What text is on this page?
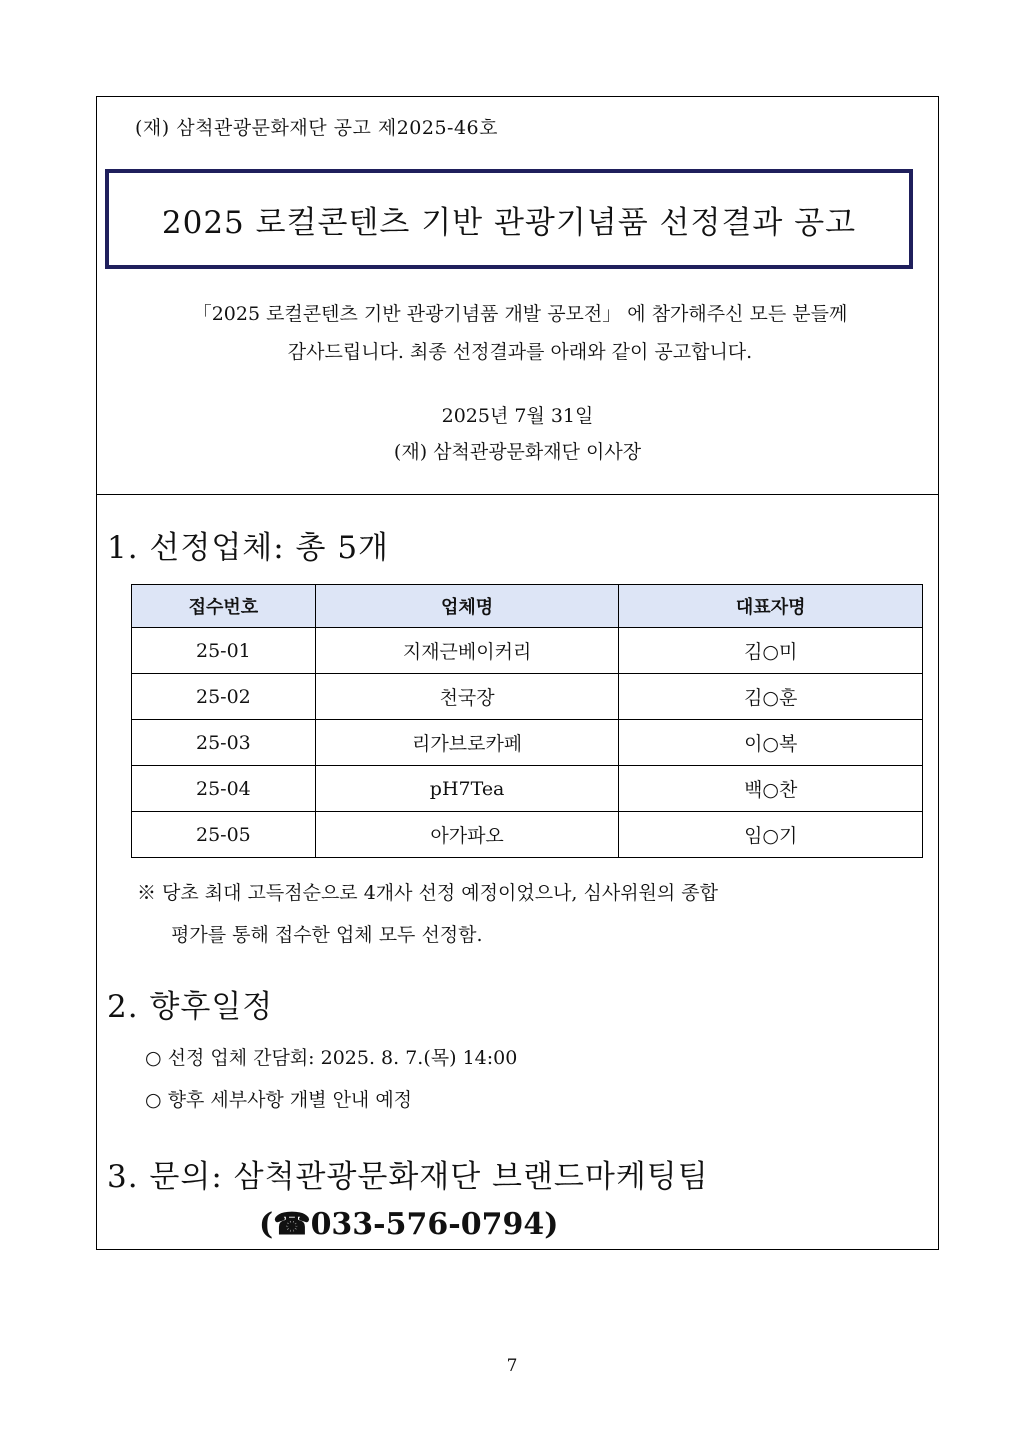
(재) 삼척관광문화재단 공고 제2025-46호
2025 로컬콘텐츠 기반 관광기념품 선정결과 공고
「2025 로컬콘텐츠 기반 관광기념품 개발 공모전」 에 참가해주신 모든 분들께
감사드립니다. 최종 선정결과를 아래와 같이 공고합니다.
2025년 7월 31일
(재) 삼척관광문화재단 이사장
1. 선정업체: 총 5개
접수번호	업체명	대표자명
25-01	지재근베이커리	김○미
25-02	천국장	김○훈
25-03	리가브로카페	이○복
25-04	pH7Tea	백○찬
25-05	아가파오	임○기
※ 당초 최대 고득점순으로 4개사 선정 예정이었으나, 심사위원의 종합
평가를 통해 접수한 업체 모두 선정함.
2. 향후일정
○ 선정 업체 간담회: 2025. 8. 7.(목) 14:00
○ 향후 세부사항 개별 안내 예정
3. 문의: 삼척관광문화재단 브랜드마케팅팀
(☎033-576-0794)
7
